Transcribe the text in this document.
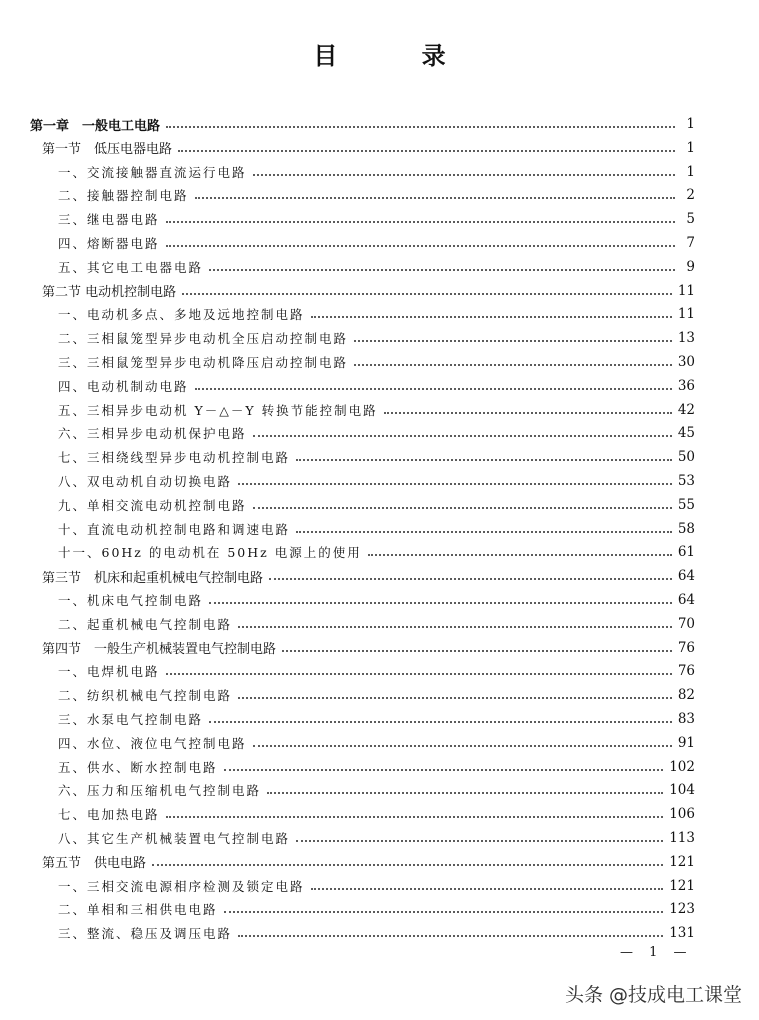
目 录
第一章　一般电工电路	1
第一节　低压电器电路	1
一、交流接触器直流运行电路	1
二、接触器控制电路	2
三、继电器电路	5
四、熔断器电路	7
五、其它电工电器电路	9
第二节 电动机控制电路	11
一、电动机多点、多地及远地控制电路	11
二、三相鼠笼型异步电动机全压启动控制电路	13
三、三相鼠笼型异步电动机降压启动控制电路	30
四、电动机制动电路	36
五、三相异步电动机 Y－△－Y 转换节能控制电路	42
六、三相异步电动机保护电路	45
七、三相绕线型异步电动机控制电路	50
八、双电动机自动切换电路	53
九、单相交流电动机控制电路	55
十、直流电动机控制电路和调速电路	58
十一、60Hz 的电动机在 50Hz 电源上的使用	61
第三节　机床和起重机械电气控制电路	64
一、机床电气控制电路	64
二、起重机械电气控制电路	70
第四节　一般生产机械装置电气控制电路	76
一、电焊机电路	76
二、纺织机械电气控制电路	82
三、水泵电气控制电路	83
四、水位、液位电气控制电路	91
五、供水、断水控制电路	102
六、压力和压缩机电气控制电路	104
七、电加热电路	106
八、其它生产机械装置电气控制电路	113
第五节　供电电路	121
一、三相交流电源相序检测及锁定电路	121
二、单相和三相供电电路	123
三、整流、稳压及调压电路	131
— 1 —
头条 @技成电工课堂
